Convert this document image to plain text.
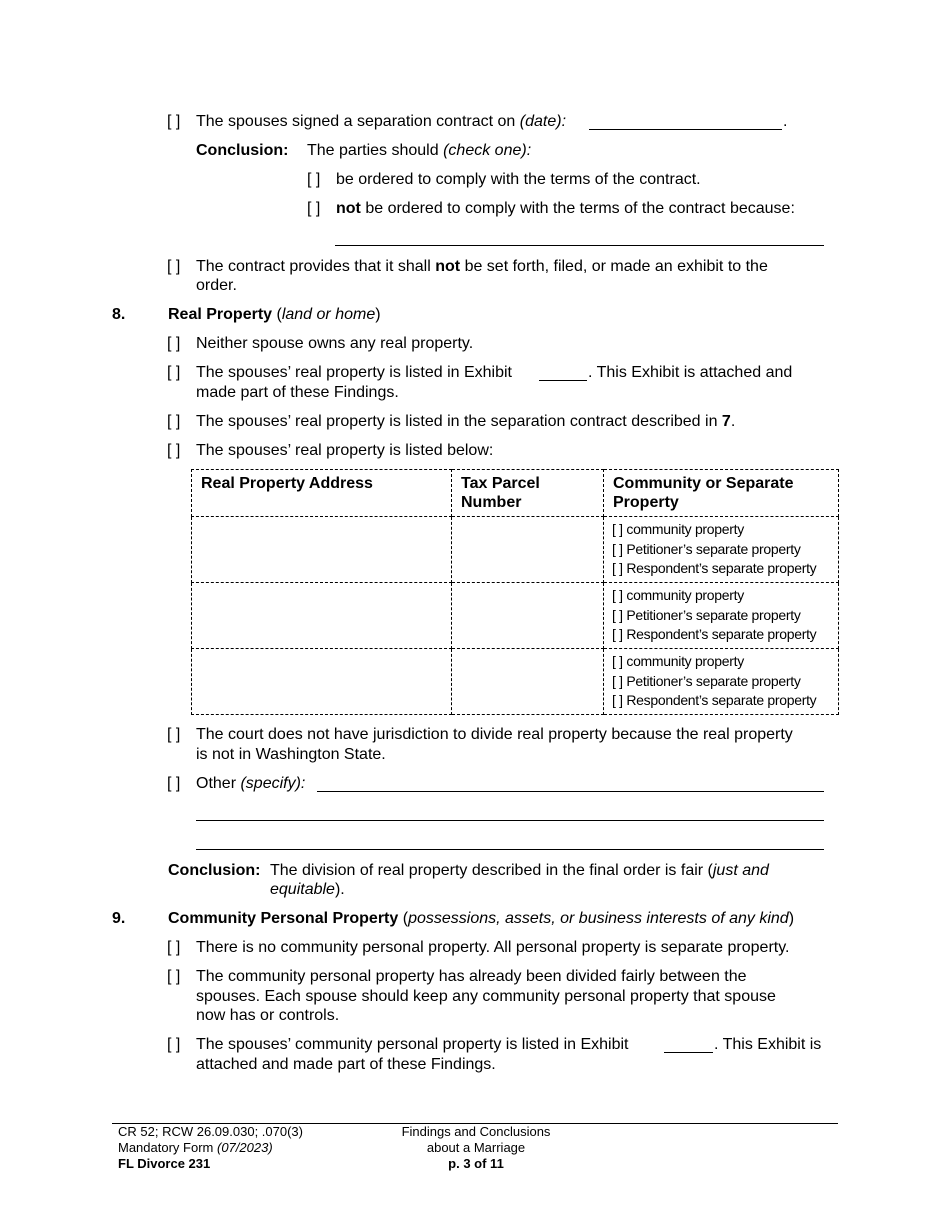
[ ] The spouses signed a separation contract on (date):	.
Conclusion: The parties should (check one):
[ ] be ordered to comply with the terms of the contract.
[ ] not be ordered to comply with the terms of the contract because:
[ ] The contract provides that it shall not be set forth, filed, or made an exhibit to the
order.
8.	Real Property (land or home)
[ ] Neither spouse owns any real property.
[ ] The spouses’ real property is listed in Exhibit	. This Exhibit is attached and
made part of these Findings.
[ ] The spouses’ real property is listed in the separation contract described in 7.
[ ] The spouses’ real property is listed below:
Real Property Address	Tax Parcel Number	Community or Separate Property

		[ ] community property
[ ] Petitioner’s separate property
[ ] Respondent’s separate property

		[ ] community property
[ ] Petitioner’s separate property
[ ] Respondent’s separate property

		[ ] community property
[ ] Petitioner’s separate property
[ ] Respondent’s separate property
[ ] The court does not have jurisdiction to divide real property because the real property
is not in Washington State.
[ ] Other (specify):
Conclusion: The division of real property described in the final order is fair (just and
equitable).
9.	Community Personal Property (possessions, assets, or business interests of any kind)
[ ] There is no community personal property. All personal property is separate property.
[ ] The community personal property has already been divided fairly between the
spouses. Each spouse should keep any community personal property that spouse
now has or controls.
[ ] The spouses’ community personal property is listed in Exhibit	. This Exhibit is
attached and made part of these Findings.
CR 52; RCW 26.09.030; .070(3)
Mandatory Form (07/2023)
FL Divorce 231
Findings and Conclusions
about a Marriage
p. 3 of 11
